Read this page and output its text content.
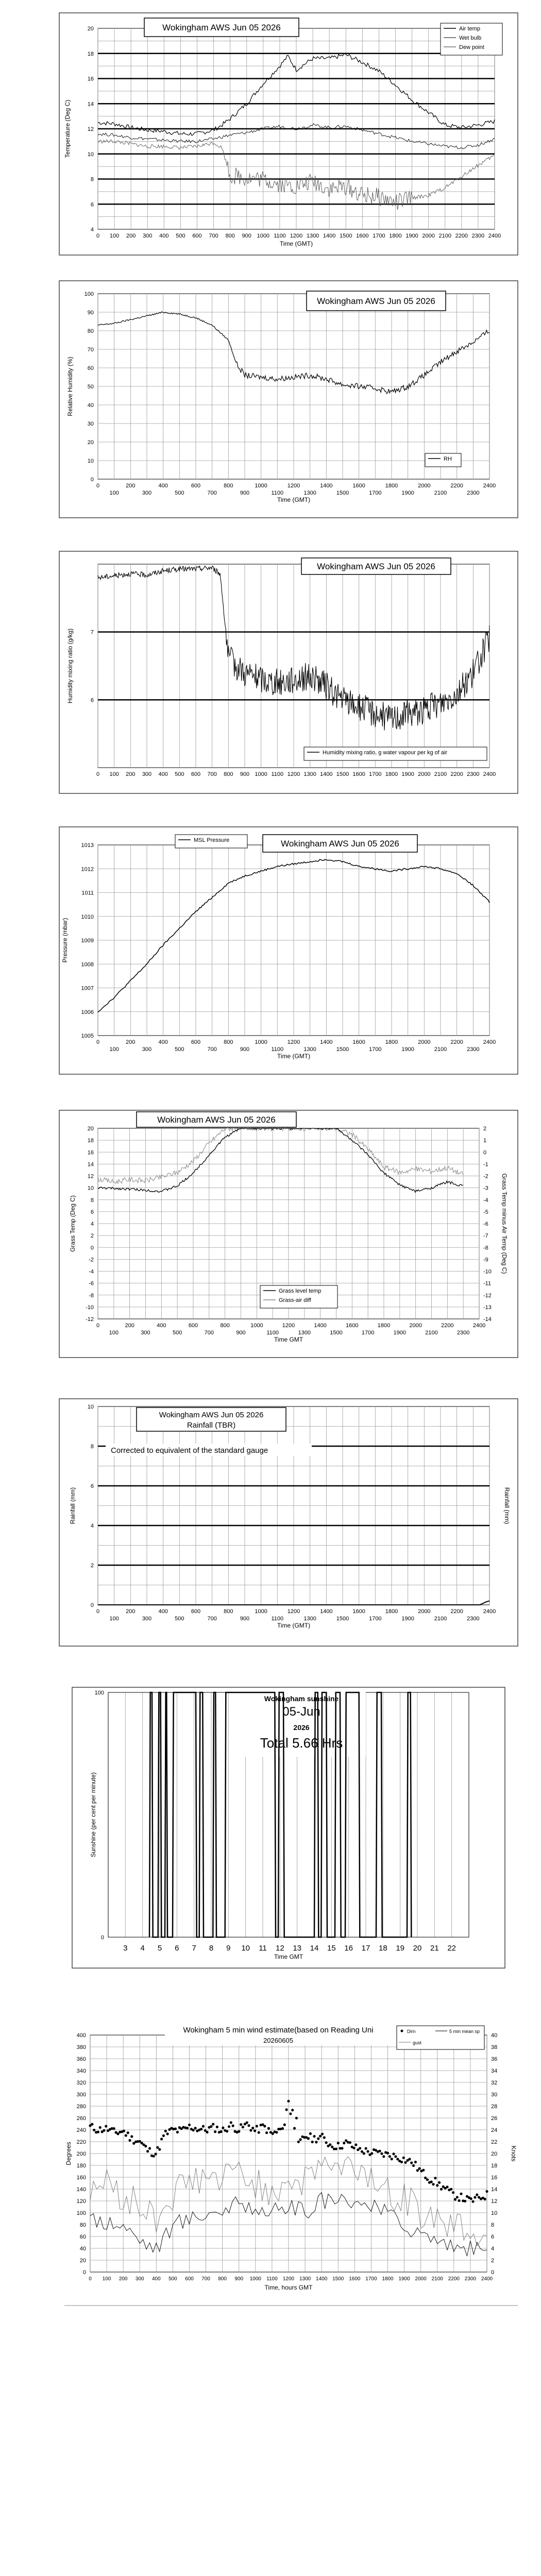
4
6
8
10
12
14
16
18
20
0 100 200 300 400 500 600 700 800 900 1000 1100 1200 1300 1400 1500 1600 1700 1800 1900 2000 2100 2200 2300 2400
Temperature (Deg C)
Time (GMT)
Wokingham AWS Jun 05 2026	Air temp
Wet bulb
Dew point
0
10
20
30
40
50
60
70
80
90
100
0	200	400	600	800	1000	1200	1400	1600	1800	2000	2200	2400
100	300	500	700	900	1100	1300	1500	1700	1900	2100	2300
Relative Humidity (%)
Time (GMT)
Wokingham AWS Jun 05 2026
RH
6
7
0 100 200 300 400 500 600 700 800 900 1000 1100 1200 1300 1400 1500 1600 1700 1800 1900 2000 2100 2200 2300 2400
Humidity mixing ratio (g/kg)
Wokingham AWS Jun 05 2026
Humidity mixing ratio, g water vapour per kg of air
1005
1006
1007
1008
1009
1010
1011
1012
1013
0	200	400	600	800	1000	1200	1400	1600	1800	2000	2200	2400
100	300	500	700	900	1100	1300	1500	1700	1900	2100	2300
Pressure (mbar)
Time (GMT)
Wokingham AWS Jun 05 2026
MSL Pressure
-12
-10
-8
-6
-4
-2
0
2
4
6
8
10
12
14
16
18
20
-14
-13
-12
-11
-10
-9
-8
-7
-6
-5
-4
-3
-2
-1
0
1
2
0	200	400	600	800	1000	1200	1400	1600	1800	2000	2200	2400
100	300	500	700	900	1100	1300	1500	1700	1900	2100	2300
Grass Temp (Deg C)	Grass Temp minus Air Temp (Deg C)
Time GMT
Wokingham AWS Jun 05 2026
Grass level temp
Grass-air diff
0
2
4
6
8
10
0	200	400	600	800	1000	1200	1400	1600	1800	2000	2200	2400
100	300	500	700	900	1100	1300	1500	1700	1900	2100	2300
Rainfall (mm)	Rainfall (mm)
Time (GMT)
Wokingham AWS Jun 05 2026
Rainfall (TBR)
Corrected to equivalent of the standard gauge
0
100
3 4 5 6 7 8 9 10 11 12 13 14 15 16 17 18 19 20 21 22
Sunshine (per cent per minute)
Time GMT
Wokingham sunshine
05-Jun
2026
Total 5.66 Hrs
0
20
40
60
80
100
120
140
160
180
200
220
240
260
280
300
320
340
360
380
400
0
2
4
6
8
10
12
14
16
18
20
22
24
26
28
30
32
34
36
38
40
0 100 200 300 400 500 600 700 800 900 1000 1100 1200 1300 1400 1500 1600 1700 1800 1900 2000 2100 2200 2300 2400
Degrees	Knots
Time, hours GMT
Wokingham 5 min wind estimate(based on Reading Uni
20260605
Dirn	5 min mean sp
gust
